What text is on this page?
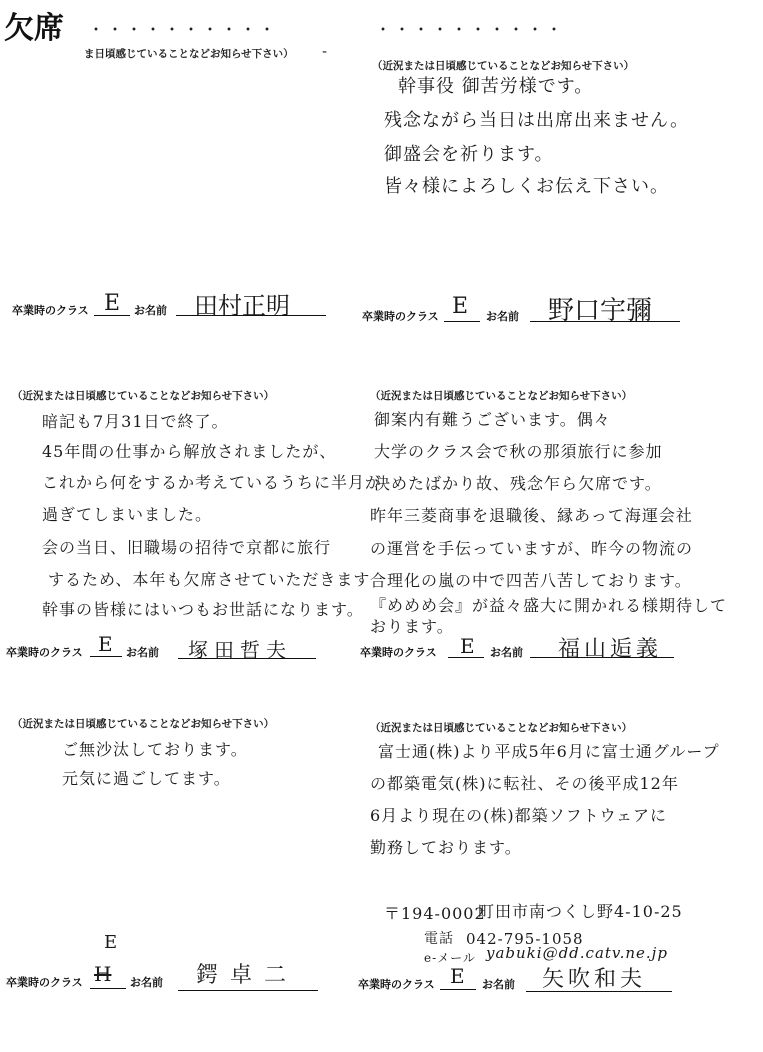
欠席 ・・・・・・・・・・	・・・・・・・・・・
ま日頃感じていることなどお知らせ下さい） -
卒業時のクラス E お名前 田村正明
（近況または日頃感じていることなどお知らせ下さい）
幹事役 御苦労様です。
残念ながら当日は出席出来ません。
御盛会を祈ります。
皆々様によろしくお伝え下さい。
卒業時のクラス E お名前 野口宇彌
（近況または日頃感じていることなどお知らせ下さい）
暗記も7月31日で終了。
45年間の仕事から解放されましたが、
これから何をするか考えているうちに半月が
過ぎてしまいました。
会の当日、旧職場の招待で京都に旅行
するため、本年も欠席させていただきます
幹事の皆様にはいつもお世話になります。
卒業時のクラス E お名前 塚田哲夫
（近況または日頃感じていることなどお知らせ下さい）
御案内有難うございます。偶々
大学のクラス会で秋の那須旅行に参加
決めたばかり故、残念乍ら欠席です。
昨年三菱商事を退職後、縁あって海運会社
の運営を手伝っていますが、昨今の物流の
合理化の嵐の中で四苦八苦しております。
『めめめ会』が益々盛大に開かれる様期待して
おります。
卒業時のクラス E お名前 福山逅義
（近況または日頃感じていることなどお知らせ下さい）
ご無沙汰しております。
元気に過ごしてます。
E
卒業時のクラス H お名前 鍔卓二
（近況または日頃感じていることなどお知らせ下さい）
富士通(株)より平成5年6月に富士通グループ
の都築電気(株)に転社、その後平成12年
6月より現在の(株)都築ソフトウェアに
勤務しております。
〒194-0002
町田市南つくし野4-10-25
電話 042-795-1058
e-メール yabuki@dd.catv.ne.jp
卒業時のクラス E お名前 矢吹和夫
